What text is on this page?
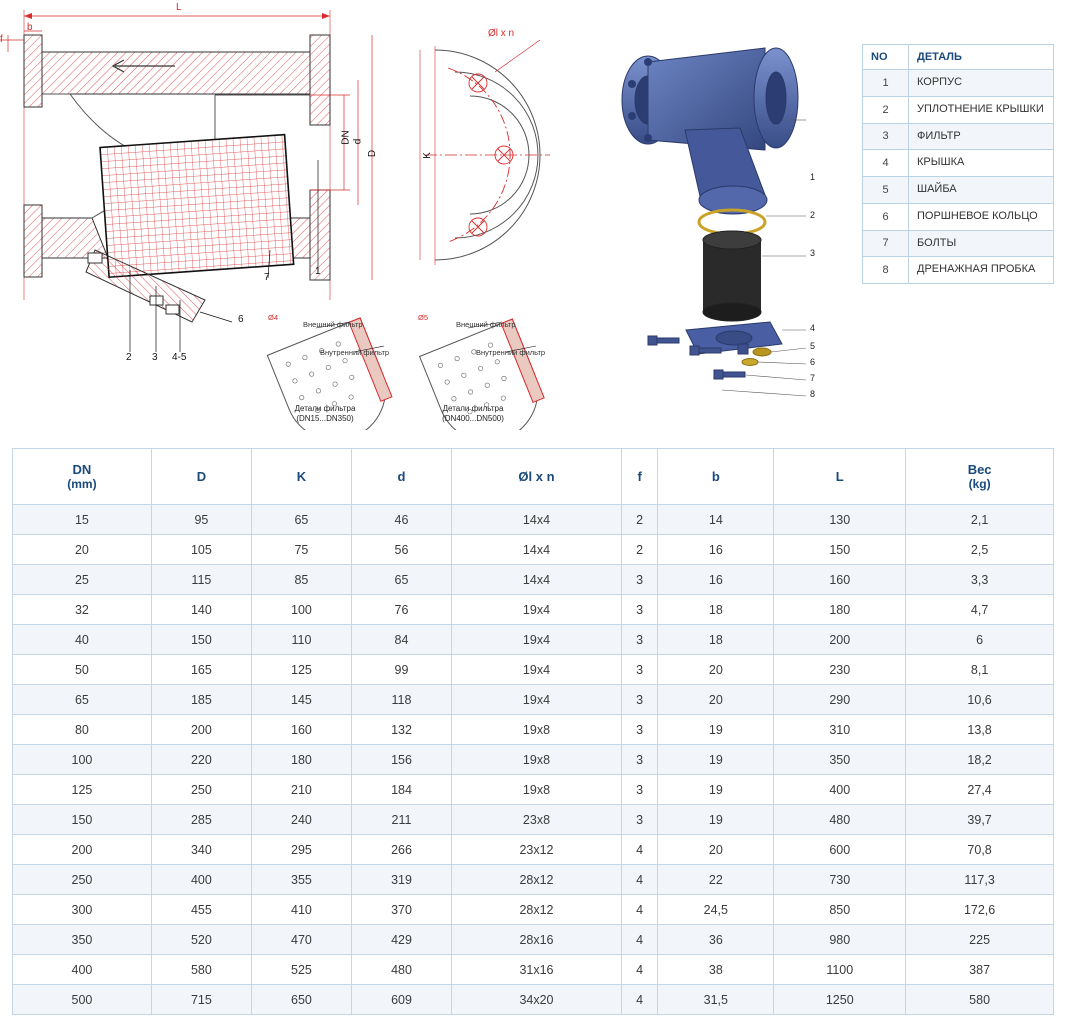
L
b
f
DN d
D
7
1
6
2 3 4-5
Øl x n
K
Ø4
Внешний фильтр
Внутренний фильтр
Детали фильтра
(DN15...DN350)
Ø5
Внешний фильтр
Внутренний фильтр
Детали фильтра
(DN400...DN500)
1
2
3
4
5
6
7
8
NO	ДЕТАЛЬ
1	КОРПУС
2	УПЛОТНЕНИЕ КРЫШКИ
3	ФИЛЬТР
4	КРЫШКА
5	ШАЙБА
6	ПОРШНЕВОЕ КОЛЬЦО
7	БОЛТЫ
8	ДРЕНАЖНАЯ ПРОБКА
DN
(mm)	D	K	d	Øl x n	f	b	L	Вес
(kg)

15	95	65	46	14x4	2	14	130	2,1
20	105	75	56	14x4	2	16	150	2,5
25	115	85	65	14x4	3	16	160	3,3
32	140	100	76	19x4	3	18	180	4,7
40	150	110	84	19x4	3	18	200	6
50	165	125	99	19x4	3	20	230	8,1
65	185	145	118	19x4	3	20	290	10,6
80	200	160	132	19x8	3	19	310	13,8
100	220	180	156	19x8	3	19	350	18,2
125	250	210	184	19x8	3	19	400	27,4
150	285	240	211	23x8	3	19	480	39,7
200	340	295	266	23x12	4	20	600	70,8
250	400	355	319	28x12	4	22	730	117,3
300	455	410	370	28x12	4	24,5	850	172,6
350	520	470	429	28x16	4	36	980	225
400	580	525	480	31x16	4	38	1100	387
500	715	650	609	34x20	4	31,5	1250	580
